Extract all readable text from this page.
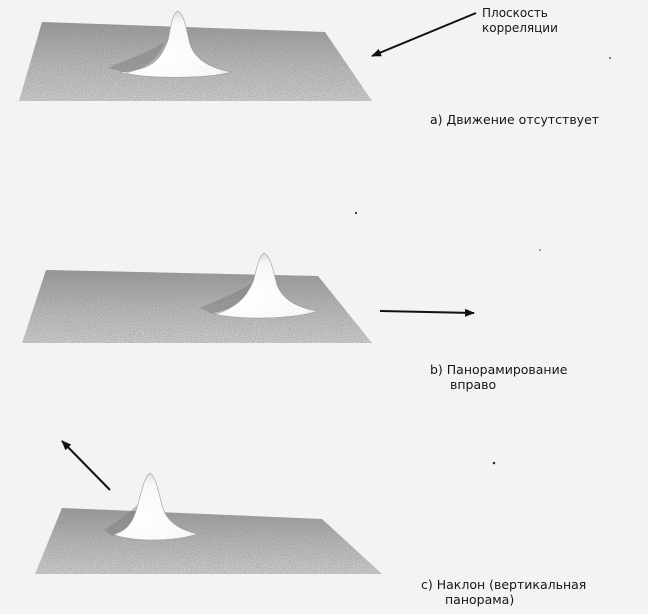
Плоскость
корреляции
a) Движение отсутствует
b) Панорамирование
вправо
c) Наклон (вертикальная
панорама)
